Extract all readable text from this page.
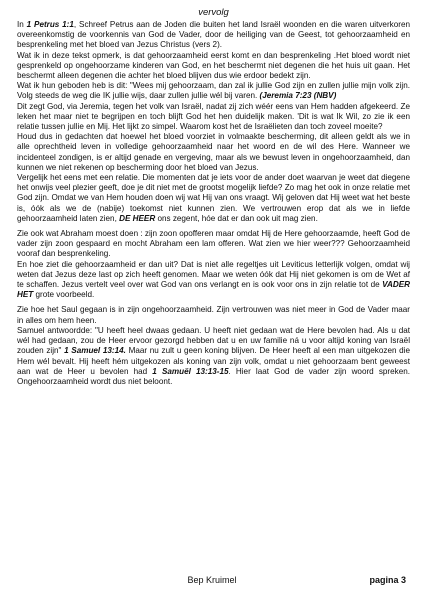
vervolg

In 1 Petrus 1:1, Schreef Petrus aan de Joden die buiten het land Israël woonden en die waren uitverkoren overeenkomstig de voorkennis van God de Vader, door de heiliging van de Geest, tot gehoorzaamheid en besprenkeling met het bloed van Jezus Christus (vers 2).

Wat ik in deze tekst opmerk, is dat gehoorzaamheid eerst komt en dan besprenkeling .Het bloed wordt niet gesprenkeld op ongehoorzame kinderen van God, en het beschermt niet degenen die het huis uit gaan. Het beschermt alleen degenen die achter het bloed blijven dus wie erdoor bedekt zijn.

Wat ik hun geboden heb is dit: "Wees mij gehoorzaam, dan zal ik jullie God zijn en zullen jullie mijn volk zijn. Volg steeds de weg die IK jullie wijs, daar zullen jullie wél bij varen. (Jeremia 7:23 (NBV)

Dit zegt God, via Jeremia, tegen het volk van Israël, nadat zij zich wéér eens van Hem hadden afgekeerd. Ze leken het maar niet te begrijpen en toch blijft God het hen duidelijk maken. 'Dit is wat Ik Wil, zo zie ik een relatie tussen jullie en Mij. Het lijkt zo simpel. Waarom kost het de Israëlieten dan toch zoveel moeite?

Houd dus in gedachten dat hoewel het bloed voorziet in volmaakte bescherming, dit alleen geldt als we in alle oprechtheid leven in volledige gehoorzaamheid naar het woord en de wil des Here. Wanneer we incidenteel zondigen, is er altijd genade en vergeving, maar als we bewust leven in ongehoorzaamheid, dan kunnen we niet rekenen op bescherming door het bloed van Jezus.

Vergelijk het eens met een relatie. Die momenten dat je iets voor de ander doet waarvan je weet dat diegene het onwijs veel plezier geeft, doe je dit niet met de grootst mogelijk liefde? Zo mag het ook in onze relatie met God zijn. Omdat we van Hem houden doen wij wat Hij van ons vraagt. Wij geloven dat Hij weet wat het beste is, óók als we de (nabije) toekomst niet kunnen zien. We vertrouwen erop dat als we in liefde gehoorzaamheid laten zien, DE HEER ons zegent, hóe dat er dan ook uit mag zien.

Zie ook wat Abraham moest doen : zijn zoon opofferen maar omdat Hij de Here gehoorzaamde, heeft God de vader zijn zoon gespaard en mocht Abraham een lam offeren. Wat zien we hier weer??? Gehoorzaamheid vooraf dan besprenkeling.

En hoe ziet die gehoorzaamheid er dan uit? Dat is niet alle regeltjes uit Leviticus letterlijk volgen, omdat wij weten dat Jezus deze last op zich heeft genomen. Maar we weten óók dat Hij niet gekomen is om de Wet af te schaffen. Jezus vertelt veel over wat God van ons verlangt en is ook voor ons in zijn relatie tot de VADER HET grote voorbeeld.

Zie hoe het Saul gegaan is in zijn ongehoorzaamheid. Zijn vertrouwen was niet meer in God de Vader maar in alles om hem heen.

Samuel antwoordde: "U heeft heel dwaas gedaan. U heeft niet gedaan wat de Here bevolen had. Als u dat wél had gedaan, zou de Heer ervoor gezorgd hebben dat u en uw familie ná u voor altijd koning van Israël zouden zijn" 1 Samuel 13:14. Maar nu zult u geen koning blijven. De Heer heeft al een man uitgekozen die Hem wél bevalt. Hij heeft hém uitgekozen als koning van zijn volk, omdat u niet gehoorzaam bent geweest aan wat de Heer u bevolen had 1 Samuël 13:13-15. Hier laat God de vader zijn woord spreken. Ongehoorzaamheid wordt dus niet beloont.

Bep Kruimel	pagina 3
